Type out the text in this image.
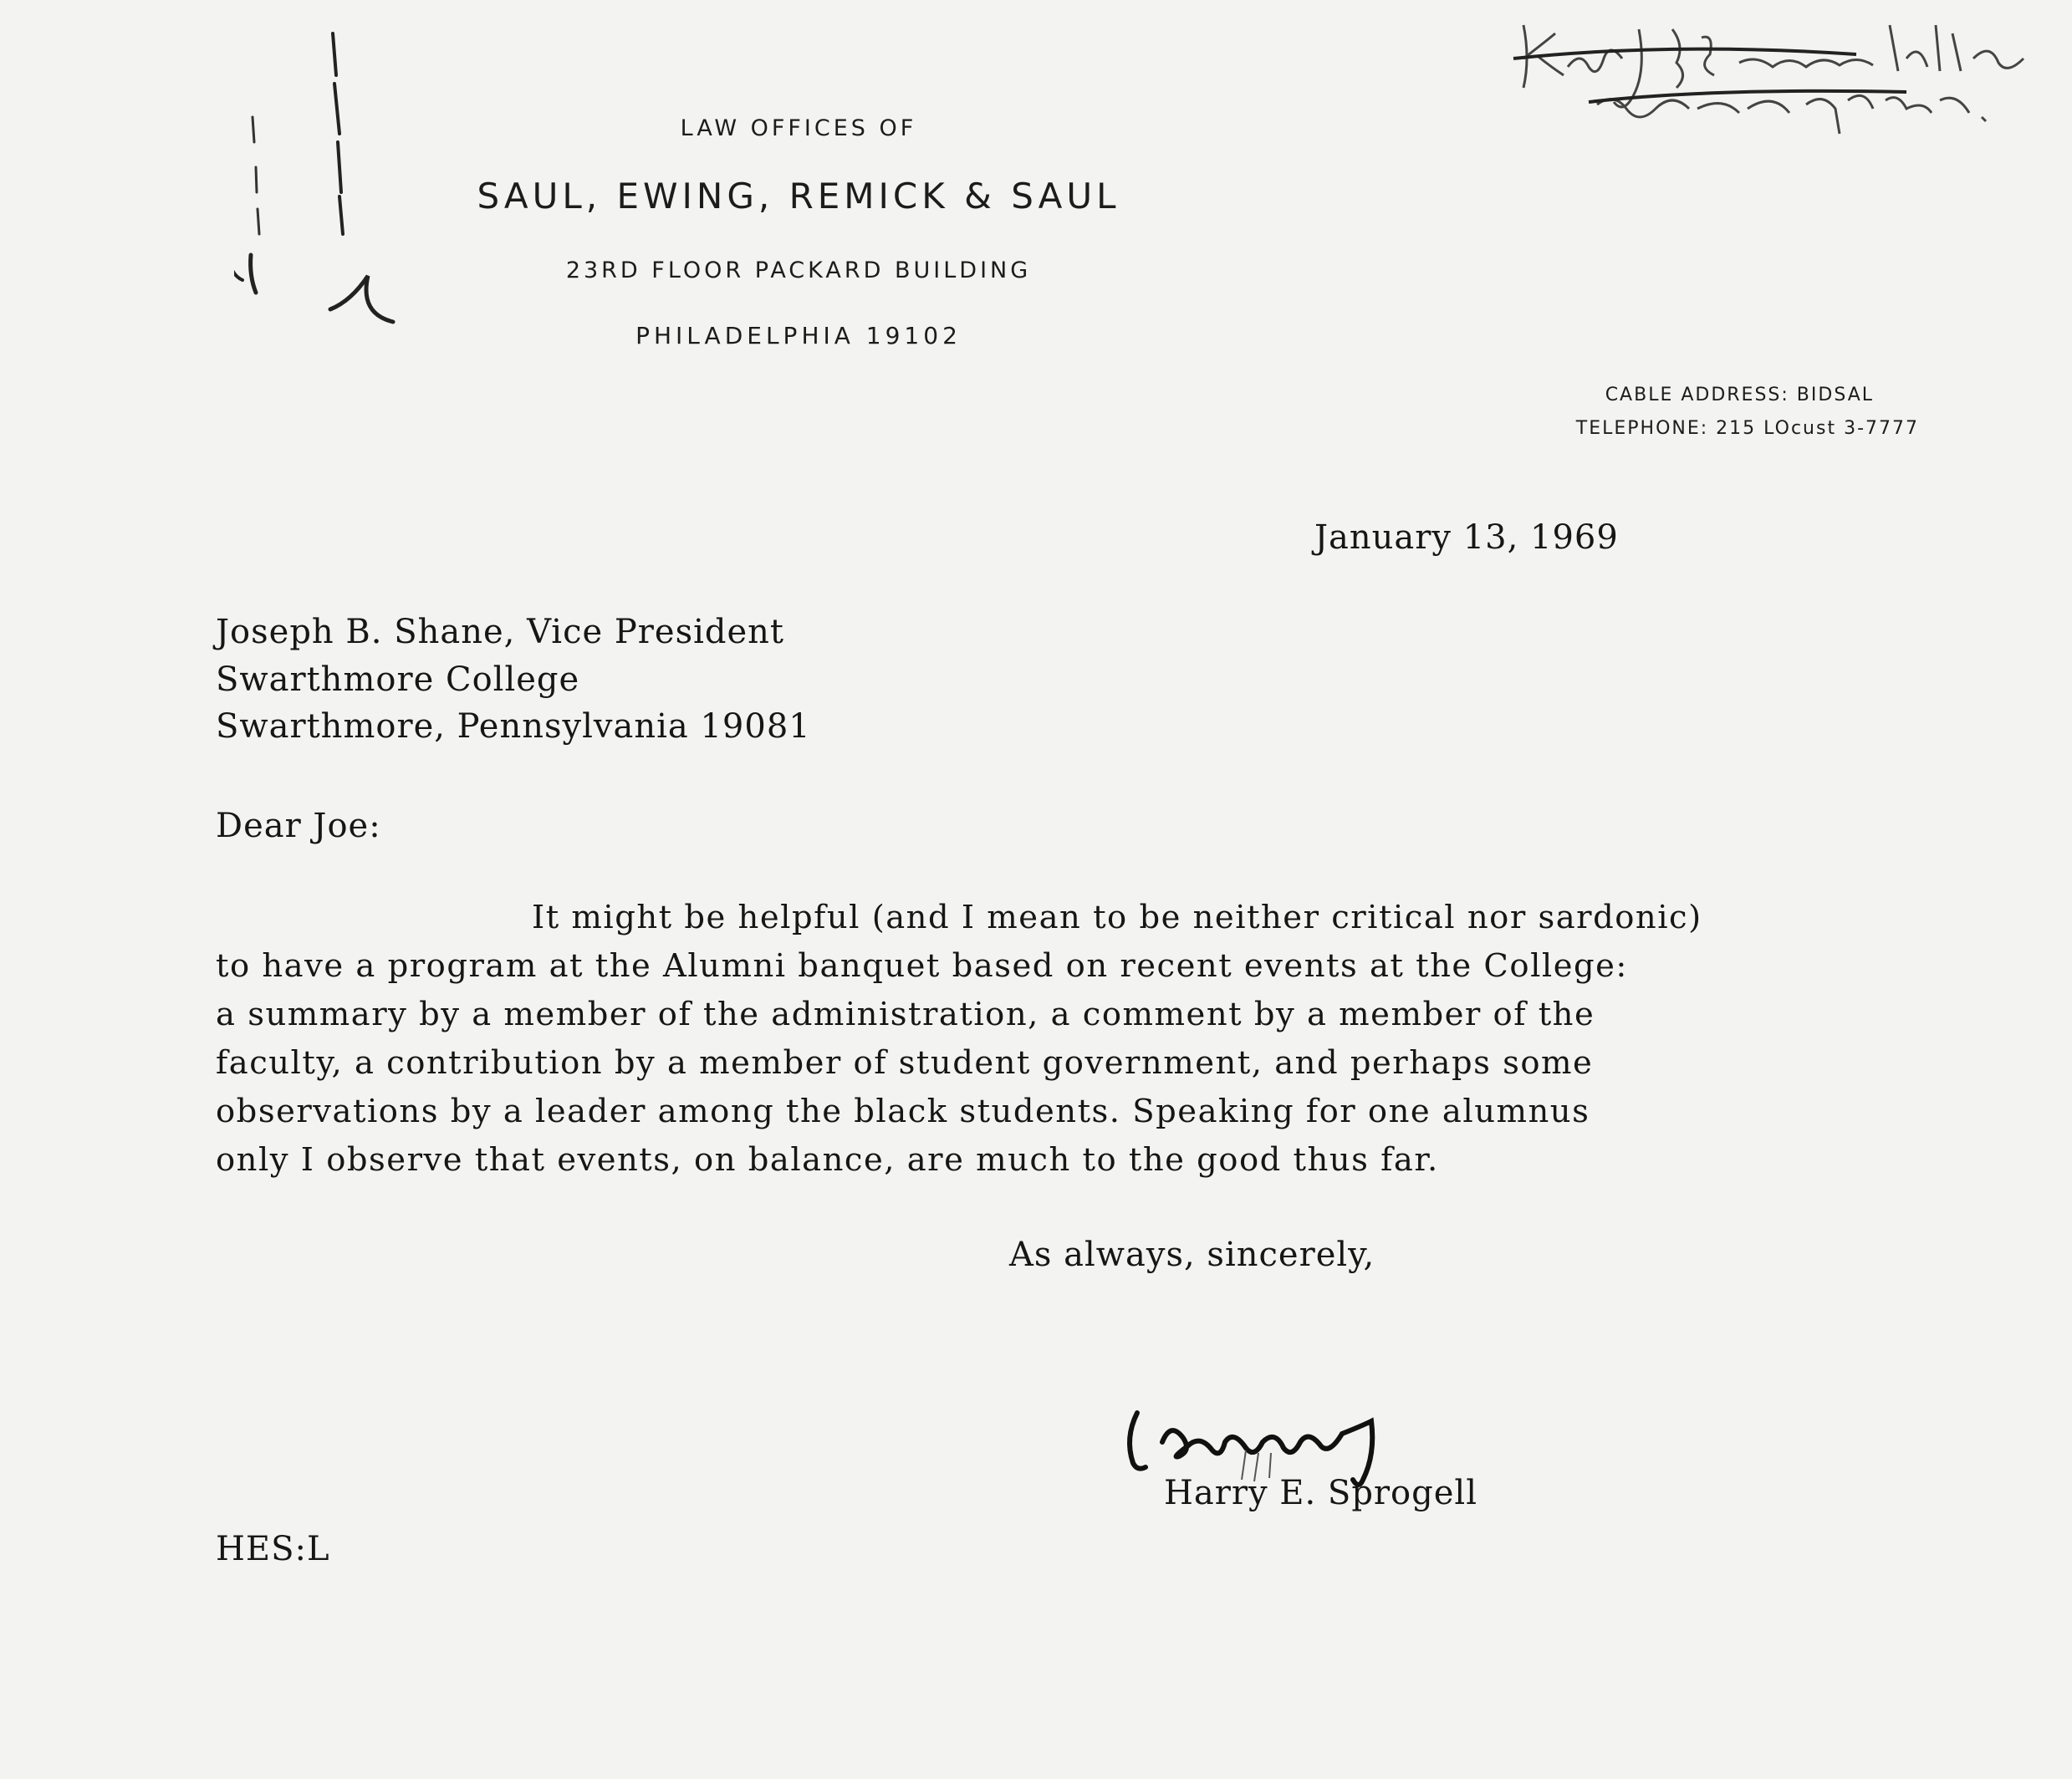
LAW OFFICES OF
SAUL, EWING, REMICK & SAUL
23RD FLOOR PACKARD BUILDING
PHILADELPHIA 19102
CABLE ADDRESS: BIDSAL
TELEPHONE: 215 LOcust 3-7777
January 13, 1969
Joseph B. Shane, Vice President
Swarthmore College
Swarthmore, Pennsylvania 19081
Dear Joe:
It might be helpful (and I mean to be neither critical nor sardonic)
to have a program at the Alumni banquet based on recent events at the College:
a summary by a member of the administration, a comment by a member of the
faculty, a contribution by a member of student government, and perhaps some
observations by a leader among the black students. Speaking for one alumnus
only I observe that events, on balance, are much to the good thus far.
As always, sincerely,
Harry E. Sprogell
HES:L
